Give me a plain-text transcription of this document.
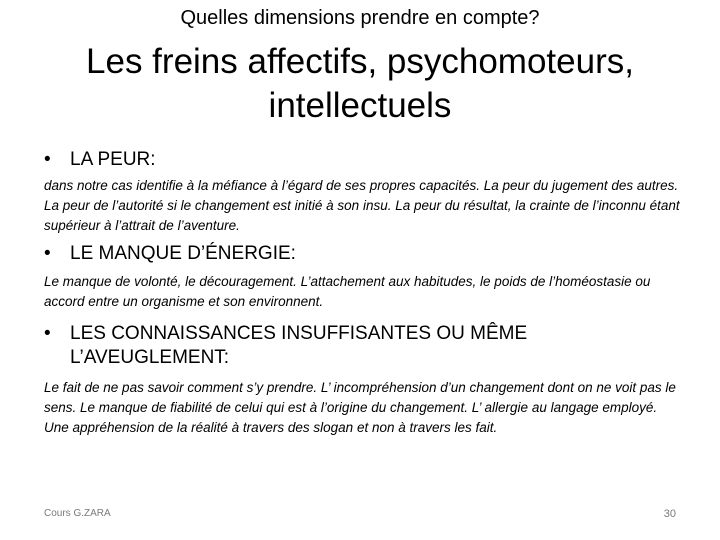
Quelles dimensions prendre en compte?
Les freins affectifs, psychomoteurs, intellectuels
•	LA PEUR:
dans notre cas identifie à la méfiance à l’égard de ses propres capacités. La peur du jugement des autres. La peur de l’autorité si le changement est initié à son insu. La peur du résultat, la crainte de l’inconnu étant supérieur à l’attrait de l’aventure.
•	LE MANQUE D’ÉNERGIE:
Le manque de volonté, le découragement. L’attachement aux habitudes, le poids de l’homéostasie ou accord entre un organisme et son environnent.
•	LES CONNAISSANCES INSUFFISANTES OU MÊME L’AVEUGLEMENT:
Le fait de ne pas savoir comment s’y prendre. L’ incompréhension d’un changement dont on ne voit pas le sens. Le manque de fiabilité de celui qui est à l’origine du changement. L’ allergie au langage employé. Une appréhension de la réalité à travers des slogan et non à travers les fait.
Cours G.ZARA	30
